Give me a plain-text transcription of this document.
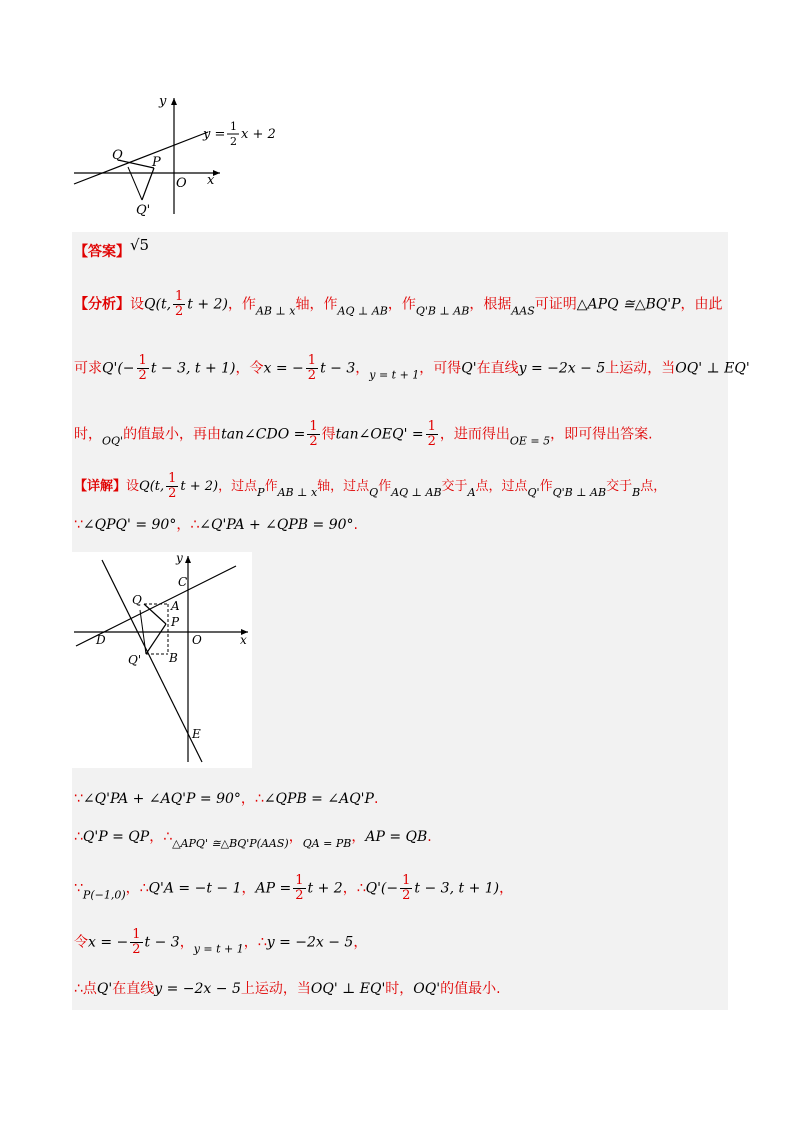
y
x
O
Q P
Q'
y =
1
2 x + 2
【答案】√5
【分析】设Q(t, $\frac{1}{2}$ t + 2)，作$_{AB \perp x}$轴，作$_{AQ \perp AB}$，作$_{Q'B \perp AB}$，根据$_{AAS}$可证明△APQ ≅△BQ'P，由此
可求$Q'(- \frac{1}{2}$ t − 3, t + 1)，令x = − $\frac{1}{2}$ t − 3，$_{y = t + 1}$，可得Q'在直线y = −2x − 5上运动，当OQ' ⊥ EQ'
时，$_{OQ'}$的值最小，再由tan∠CDO = $\frac{1}{2}$ 得tan∠OEQ' = $\frac{1}{2}$ ，进而得出$_{OE = 5}$，即可得出答案.
【详解】设Q(t, $\frac{1}{2}$ t + 2)，过点$_P$作$_{AB \perp x}$轴，过点$_Q$作$_{AQ \perp AB}$交于$_A$点，过点$_{Q'}$作$_{Q'B \perp AB}$交于$_B$点，
∵∠QPQ' = 90°，∴∠Q'PA + ∠QPB = 90°.
y
x
C
Q A
P
D	O
Q' B
E
∵∠Q'PA + ∠AQ'P = 90°，∴∠QPB = ∠AQ'P.
∴Q'P = QP，$\therefore_{\triangle APQ' ≅\triangle BQ'P(AAS)}$，$_{QA = PB}$，AP = QB.
$\because_{P(-1,0)}$，∴Q'A = −t − 1，AP = $\frac{1}{2}$ t + 2，∴Q'(− $\frac{1}{2}$ t − 3, t + 1)，
令x = − $\frac{1}{2}$ t − 3，$_{y = t + 1}$，∴y = −2x − 5，
∴点Q'在直线y = −2x − 5上运动，当OQ' ⊥ EQ'时，OQ'的值最小.
